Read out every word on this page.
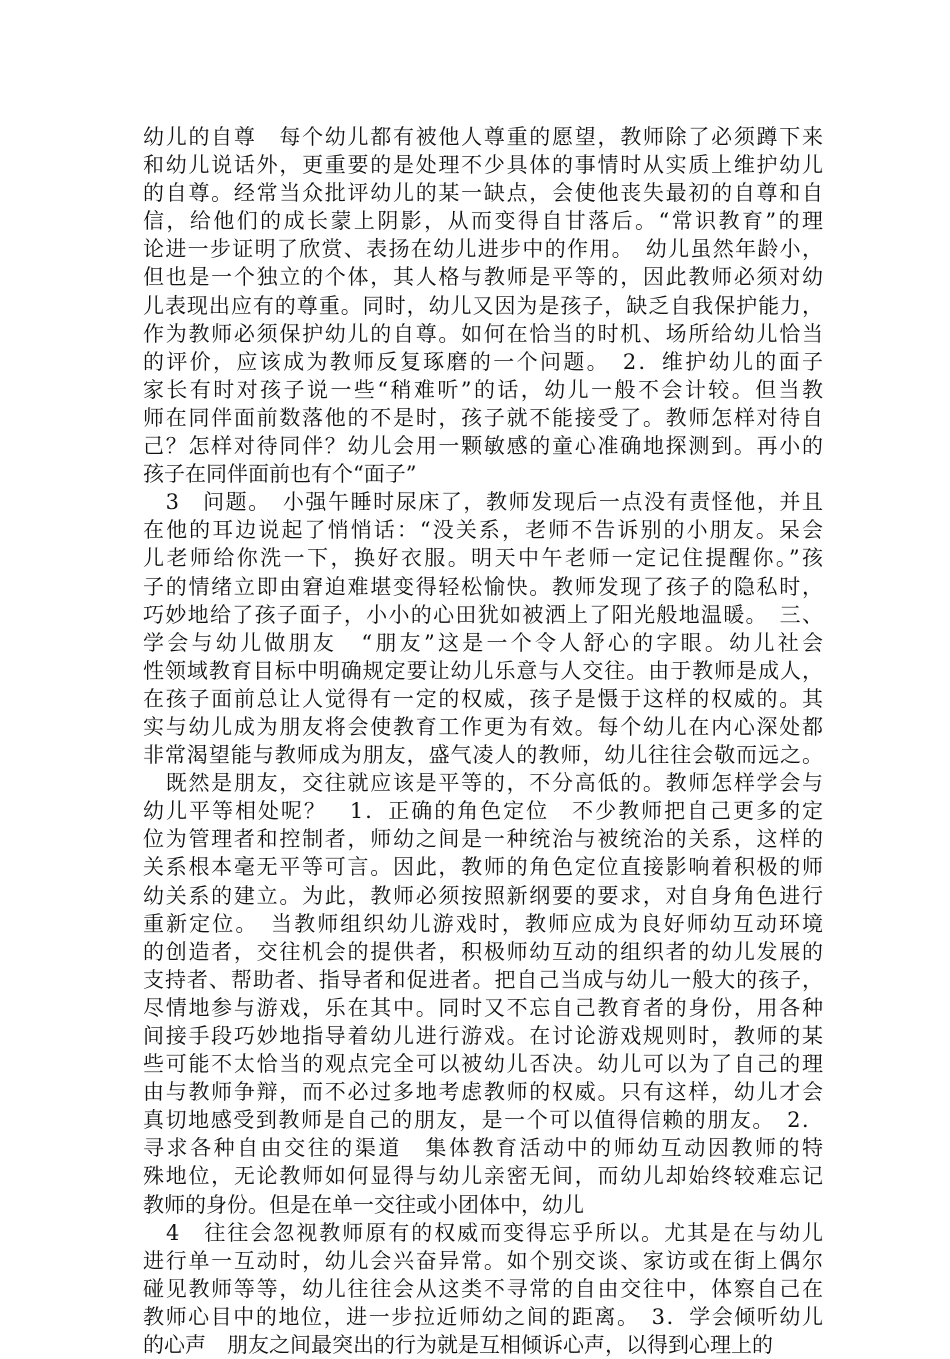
幼儿的自尊　每个幼儿都有被他人尊重的愿望，教师除了必须蹲下来
和幼儿说话外，更重要的是处理不少具体的事情时从实质上维护幼儿
的自尊。经常当众批评幼儿的某一缺点，会使他丧失最初的自尊和自
信，给他们的成长蒙上阴影，从而变得自甘落后。“常识教育”的理
论进一步证明了欣赏、表扬在幼儿进步中的作用。　幼儿虽然年龄小，
但也是一个独立的个体，其人格与教师是平等的，因此教师必须对幼
儿表现出应有的尊重。同时，幼儿又因为是孩子，缺乏自我保护能力，
作为教师必须保护幼儿的自尊。如何在恰当的时机、场所给幼儿恰当
的评价，应该成为教师反复琢磨的一个问题。　2．维护幼儿的面子
家长有时对孩子说一些“稍难听”的话，幼儿一般不会计较。但当教
师在同伴面前数落他的不是时，孩子就不能接受了。教师怎样对待自
己？怎样对待同伴？幼儿会用一颗敏感的童心准确地探测到。再小的
孩子在同伴面前也有个“面子”
　3　问题。　小强午睡时尿床了，教师发现后一点没有责怪他，并且
在他的耳边说起了悄悄话：“没关系，老师不告诉别的小朋友。呆会
儿老师给你洗一下，换好衣服。明天中午老师一定记住提醒你。”孩
子的情绪立即由窘迫难堪变得轻松愉快。教师发现了孩子的隐私时，
巧妙地给了孩子面子，小小的心田犹如被洒上了阳光般地温暖。　三、
学会与幼儿做朋友　“朋友”这是一个令人舒心的字眼。幼儿社会
性领域教育目标中明确规定要让幼儿乐意与人交往。由于教师是成人，
在孩子面前总让人觉得有一定的权威，孩子是慑于这样的权威的。其
实与幼儿成为朋友将会使教育工作更为有效。每个幼儿在内心深处都
非常渴望能与教师成为朋友，盛气凌人的教师，幼儿往往会敬而远之。
　既然是朋友，交往就应该是平等的，不分高低的。教师怎样学会与
幼儿平等相处呢？　1．正确的角色定位　不少教师把自己更多的定
位为管理者和控制者，师幼之间是一种统治与被统治的关系，这样的
关系根本毫无平等可言。因此，教师的角色定位直接影响着积极的师
幼关系的建立。为此，教师必须按照新纲要的要求，对自身角色进行
重新定位。　当教师组织幼儿游戏时，教师应成为良好师幼互动环境
的创造者，交往机会的提供者，积极师幼互动的组织者的幼儿发展的
支持者、帮助者、指导者和促进者。把自己当成与幼儿一般大的孩子，
尽情地参与游戏，乐在其中。同时又不忘自己教育者的身份，用各种
间接手段巧妙地指导着幼儿进行游戏。在讨论游戏规则时，教师的某
些可能不太恰当的观点完全可以被幼儿否决。幼儿可以为了自己的理
由与教师争辩，而不必过多地考虑教师的权威。只有这样，幼儿才会
真切地感受到教师是自己的朋友，是一个可以值得信赖的朋友。　2．
寻求各种自由交往的渠道　集体教育活动中的师幼互动因教师的特
殊地位，无论教师如何显得与幼儿亲密无间，而幼儿却始终较难忘记
教师的身份。但是在单一交往或小团体中，幼儿
　4　往往会忽视教师原有的权威而变得忘乎所以。尤其是在与幼儿
进行单一互动时，幼儿会兴奋异常。如个别交谈、家访或在街上偶尔
碰见教师等等，幼儿往往会从这类不寻常的自由交往中，体察自己在
教师心目中的地位，进一步拉近师幼之间的距离。　3．学会倾听幼儿
的心声　朋友之间最突出的行为就是互相倾诉心声，以得到心理上的
